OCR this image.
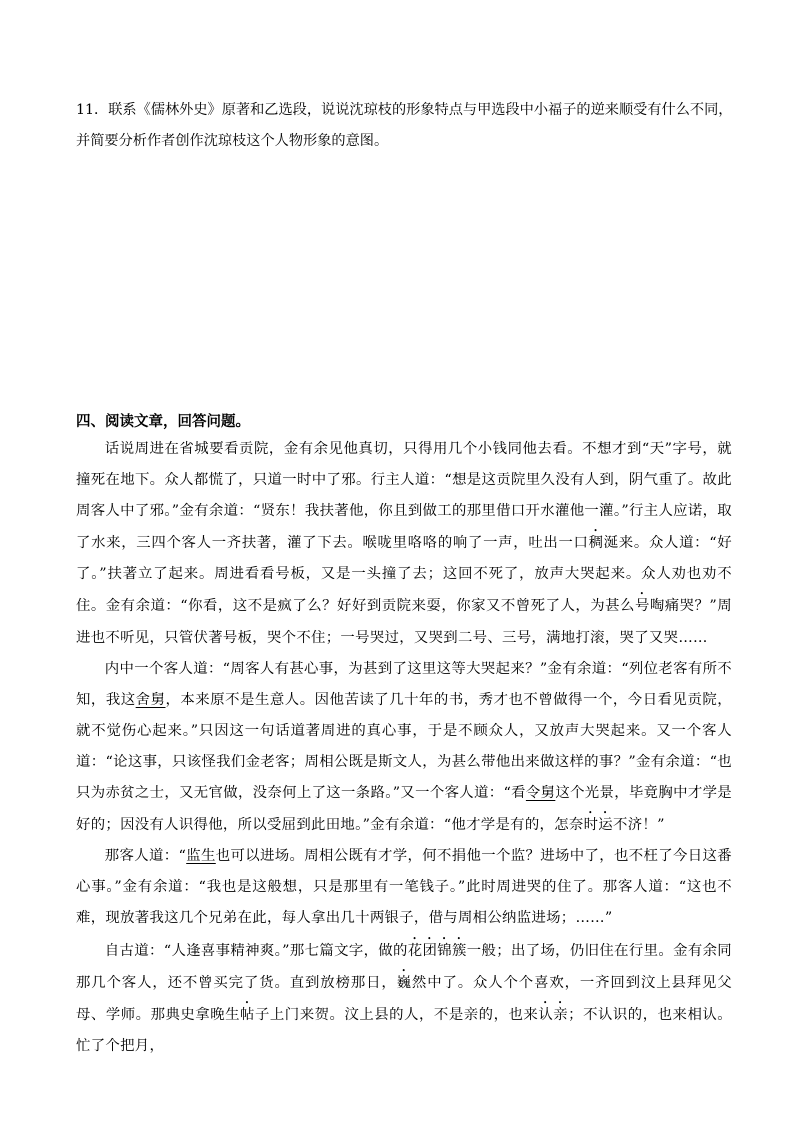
11．联系《儒林外史》原著和乙选段，说说沈琼枝的形象特点与甲选段中小福子的逆来顺受有什么不同，
并简要分析作者创作沈琼枝这个人物形象的意图。

四、阅读文章，回答问题。

话说周进在省城要看贡院，金有余见他真切，只得用几个小钱同他去看。不想才到“天”字号，就撞死在地下。众人都慌了，只道一时中了邪。行主人道：“想是这贡院里久没有人到，阴气重了。故此周客人中了邪。”金有余道：“贤东！我扶著他，你且到做工的那里借口开水灌他一灌。”行主人应诺，取了水来，三四个客人一齐扶著，灌了下去。喉咙里咯咯的响了一声，吐出一口稠涎来。众人道：“好了。”扶著立了起来。周进看看号板，又是一头撞了去；这回不死了，放声大哭起来。众人劝也劝不住。金有余道：“你看，这不是疯了么？好好到贡院来耍，你家又不曾死了人，为甚么号啕痛哭？”周进也不听见，只管伏著号板，哭个不住；一号哭过，又哭到二号、三号，满地打滚，哭了又哭……

内中一个客人道：“周客人有甚心事，为甚到了这里这等大哭起来？”金有余道：“列位老客有所不知，我这舍舅，本来原不是生意人。因他苦读了几十年的书，秀才也不曾做得一个，今日看见贡院，就不觉伤心起来。”只因这一句话道著周进的真心事，于是不顾众人，又放声大哭起来。又一个客人道：“论这事，只该怪我们金老客；周相公既是斯文人，为甚么带他出来做这样的事？”金有余道：“也只为赤贫之士，又无官做，没奈何上了这一条路。”又一个客人道：“看令舅这个光景，毕竟胸中才学是好的；因没有人识得他，所以受屈到此田地。”金有余道：“他才学是有的，怎奈时运不济！”

那客人道：“监生也可以进场。周相公既有才学，何不捐他一个监？进场中了，也不枉了今日这番心事。”金有余道：“我也是这般想，只是那里有一笔钱子。”此时周进哭的住了。那客人道：“这也不难，现放著我这几个兄弟在此，每人拿出几十两银子，借与周相公纳监进场；……”

自古道：“人逢喜事精神爽。”那七篇文字，做的花团锦簇一般；出了场，仍旧住在行里。金有余同那几个客人，还不曾买完了货。直到放榜那日，巍然中了。众人个个喜欢，一齐回到汶上县拜见父母、学师。那典史拿晚生帖子上门来贺。汶上县的人，不是亲的，也来认亲；不认识的，也来相认。忙了个把月，
